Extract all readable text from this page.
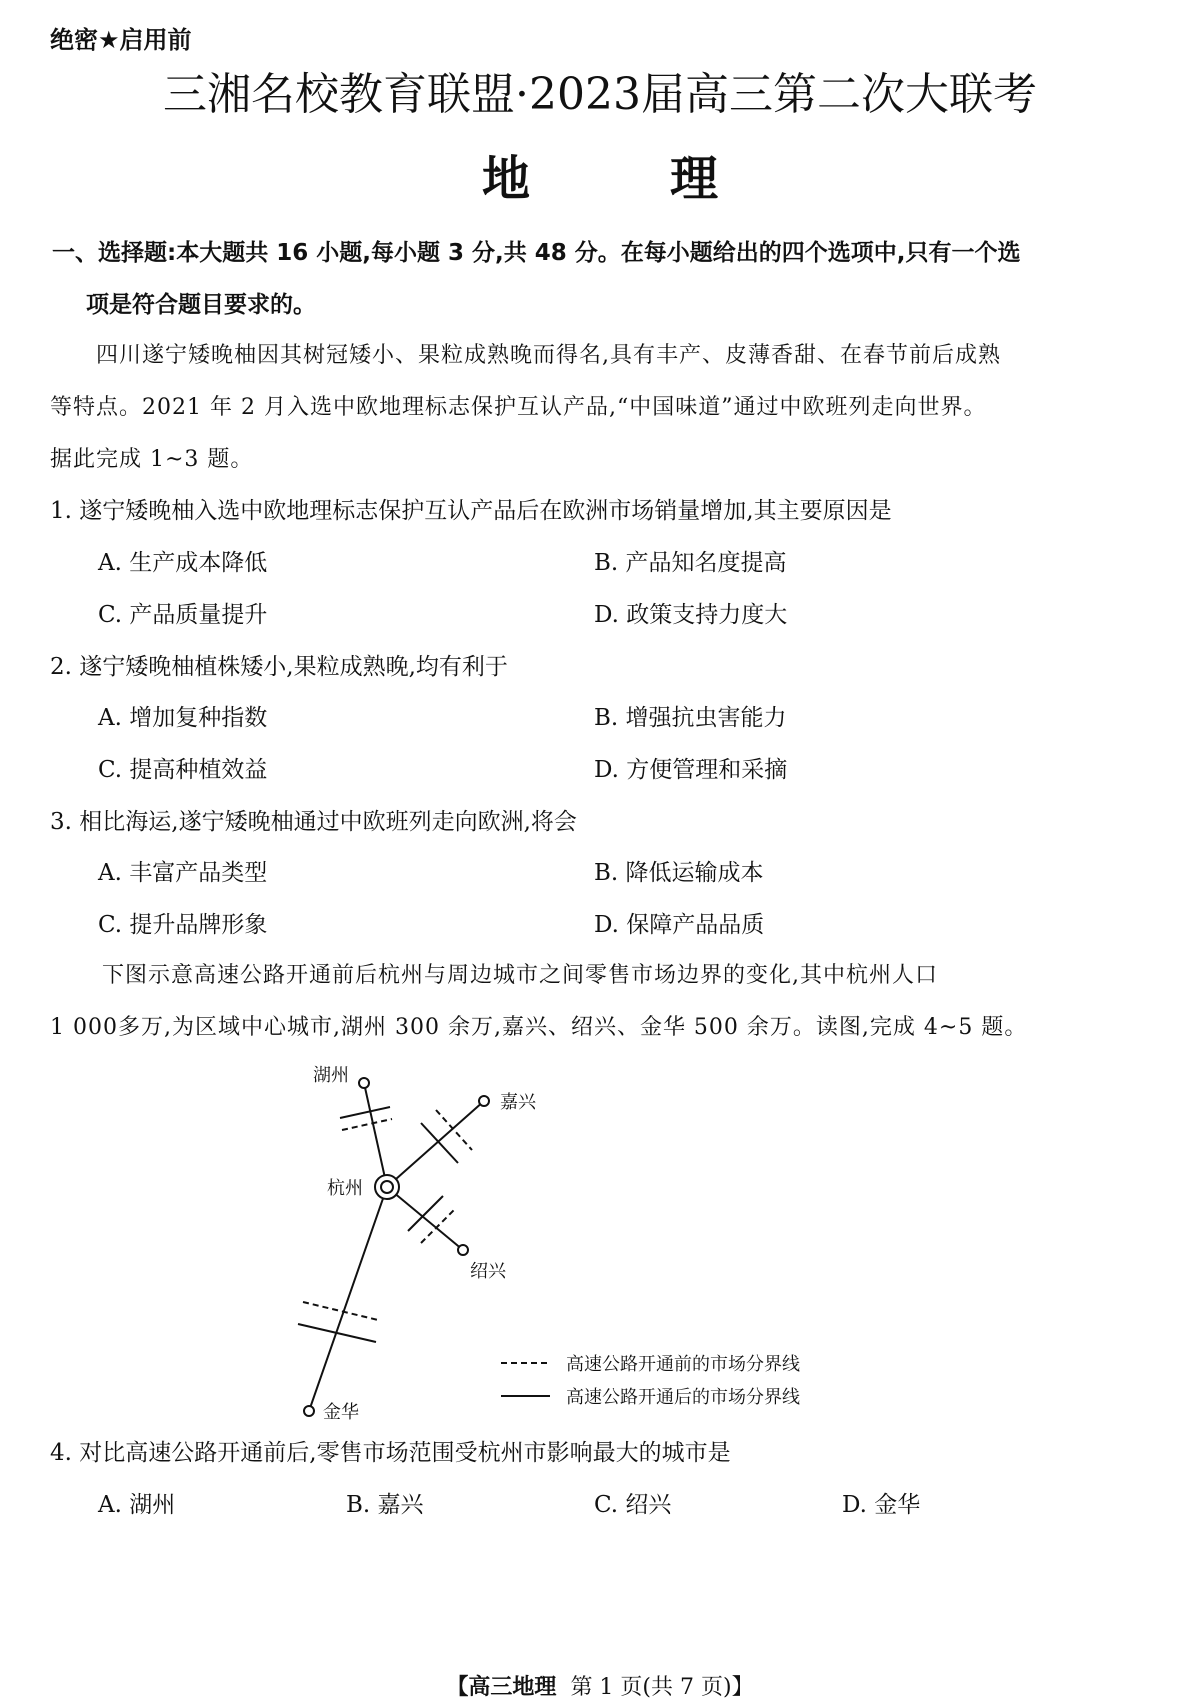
绝密★启用前
三湘名校教育联盟·2023届高三第二次大联考
地理
一、选择题:本大题共 16 小题,每小题 3 分,共 48 分。在每小题给出的四个选项中,只有一个选
项是符合题目要求的。
四川遂宁矮晚柚因其树冠矮小、果粒成熟晚而得名,具有丰产、皮薄香甜、在春节前后成熟
等特点。2021 年 2 月入选中欧地理标志保护互认产品,“中国味道”通过中欧班列走向世界。
据此完成 1~3 题。
1. 遂宁矮晚柚入选中欧地理标志保护互认产品后在欧洲市场销量增加,其主要原因是
A. 生产成本降低	B. 产品知名度提高
C. 产品质量提升	D. 政策支持力度大
2. 遂宁矮晚柚植株矮小,果粒成熟晚,均有利于
A. 增加复种指数	B. 增强抗虫害能力
C. 提高种植效益	D. 方便管理和采摘
3. 相比海运,遂宁矮晚柚通过中欧班列走向欧洲,将会
A. 丰富产品类型	B. 降低运输成本
C. 提升品牌形象	D. 保障产品品质
下图示意高速公路开通前后杭州与周边城市之间零售市场边界的变化,其中杭州人口
1 000多万,为区域中心城市,湖州 300 余万,嘉兴、绍兴、金华 500 余万。读图,完成 4~5 题。
湖州
嘉兴
杭州
绍兴
金华
高速公路开通前的市场分界线
高速公路开通后的市场分界线
4. 对比高速公路开通前后,零售市场范围受杭州市影响最大的城市是
A. 湖州	B. 嘉兴	C. 绍兴	D. 金华
【高三地理 第 1 页(共 7 页)】
